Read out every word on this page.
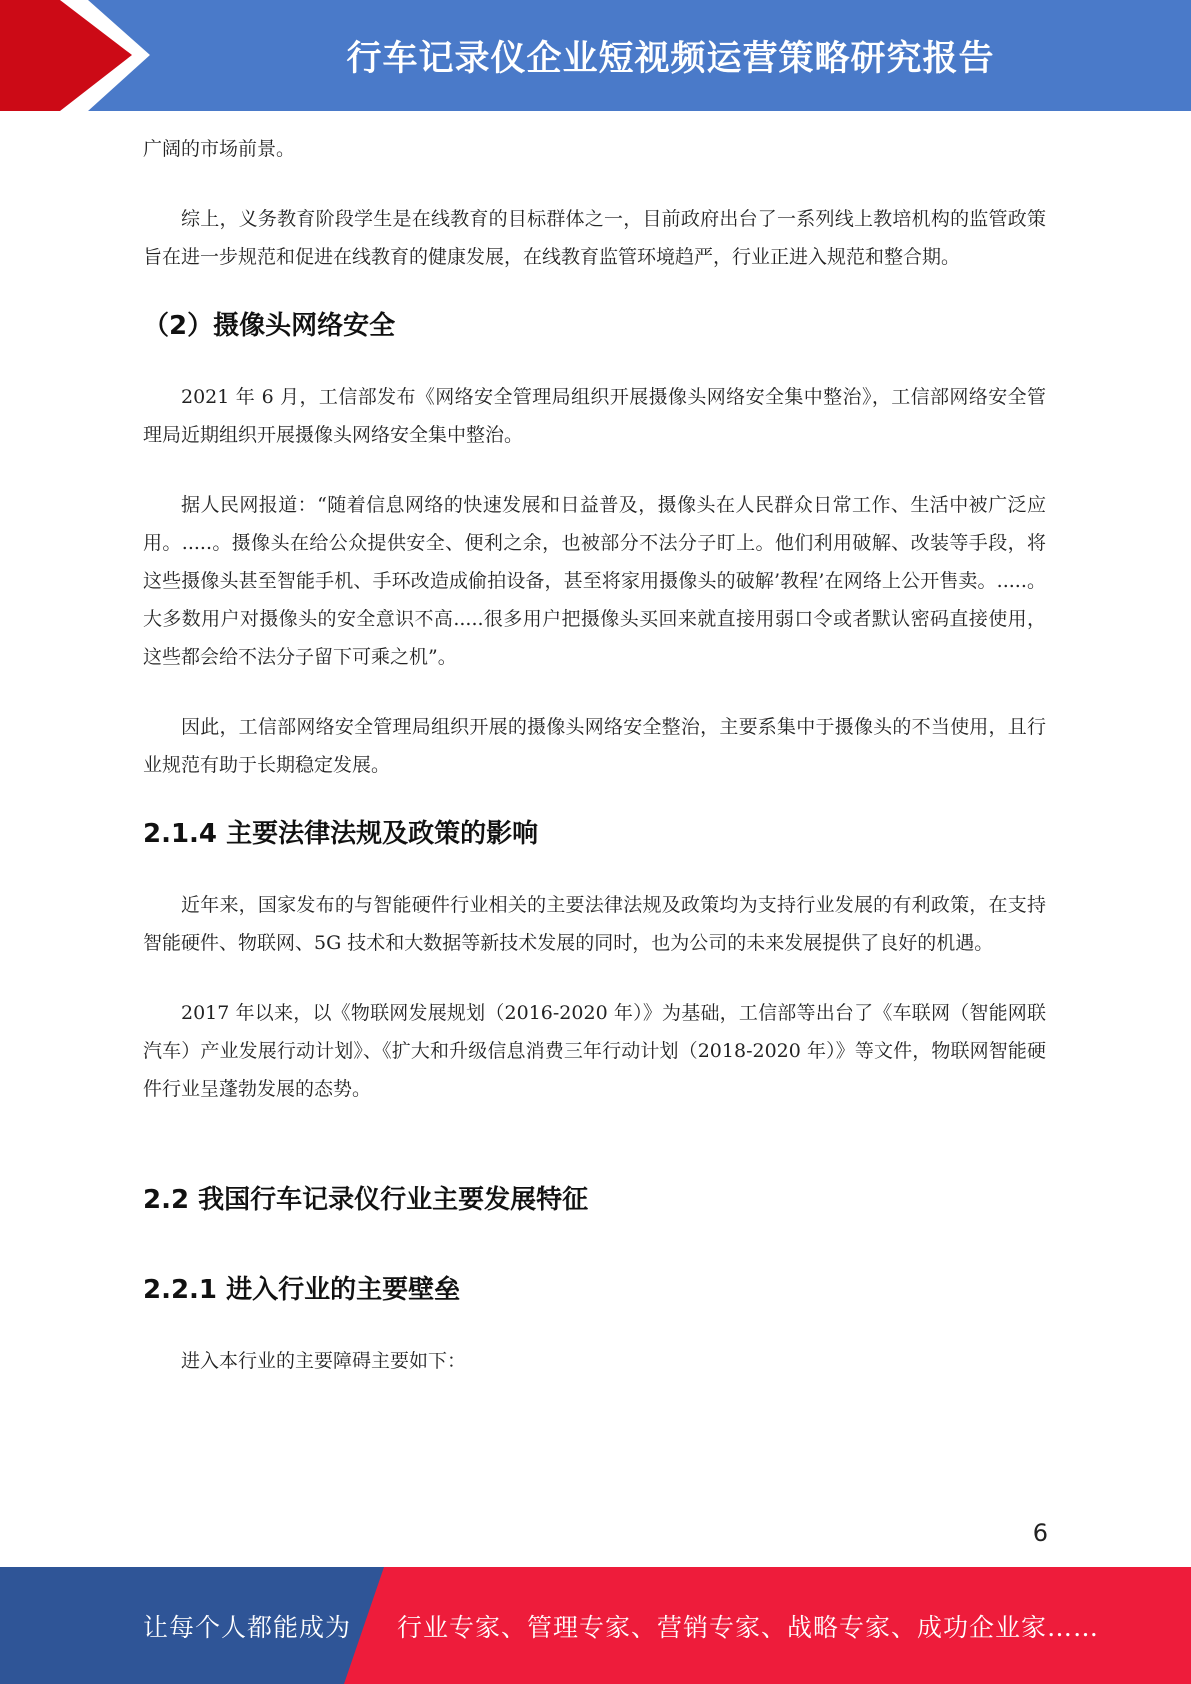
行车记录仪企业短视频运营策略研究报告

广阔的市场前景。

综上，义务教育阶段学生是在线教育的目标群体之一，目前政府出台了一系列线上教培机构的监管政策旨在进一步规范和促进在线教育的健康发展，在线教育监管环境趋严，行业正进入规范和整合期。

（2）摄像头网络安全

2021 年 6 月，工信部发布《网络安全管理局组织开展摄像头网络安全集中整治》，工信部网络安全管理局近期组织开展摄像头网络安全集中整治。

据人民网报道：“随着信息网络的快速发展和日益普及，摄像头在人民群众日常工作、生活中被广泛应用。.....。摄像头在给公众提供安全、便利之余，也被部分不法分子盯上。他们利用破解、改装等手段，将这些摄像头甚至智能手机、手环改造成偷拍设备，甚至将家用摄像头的破解’教程’在网络上公开售卖。.....。大多数用户对摄像头的安全意识不高.....很多用户把摄像头买回来就直接用弱口令或者默认密码直接使用，这些都会给不法分子留下可乘之机”。

因此，工信部网络安全管理局组织开展的摄像头网络安全整治，主要系集中于摄像头的不当使用，且行业规范有助于长期稳定发展。

2.1.4 主要法律法规及政策的影响

近年来，国家发布的与智能硬件行业相关的主要法律法规及政策均为支持行业发展的有利政策，在支持智能硬件、物联网、5G 技术和大数据等新技术发展的同时，也为公司的未来发展提供了良好的机遇。

2017 年以来，以《物联网发展规划（2016-2020 年）》为基础，工信部等出台了《车联网（智能网联汽车）产业发展行动计划》、《扩大和升级信息消费三年行动计划（2018-2020 年）》等文件，物联网智能硬件行业呈蓬勃发展的态势。

2.2 我国行车记录仪行业主要发展特征
2.2.1 进入行业的主要壁垒

进入本行业的主要障碍主要如下：

6
让每个人都能成为 行业专家、管理专家、营销专家、战略专家、成功企业家……
